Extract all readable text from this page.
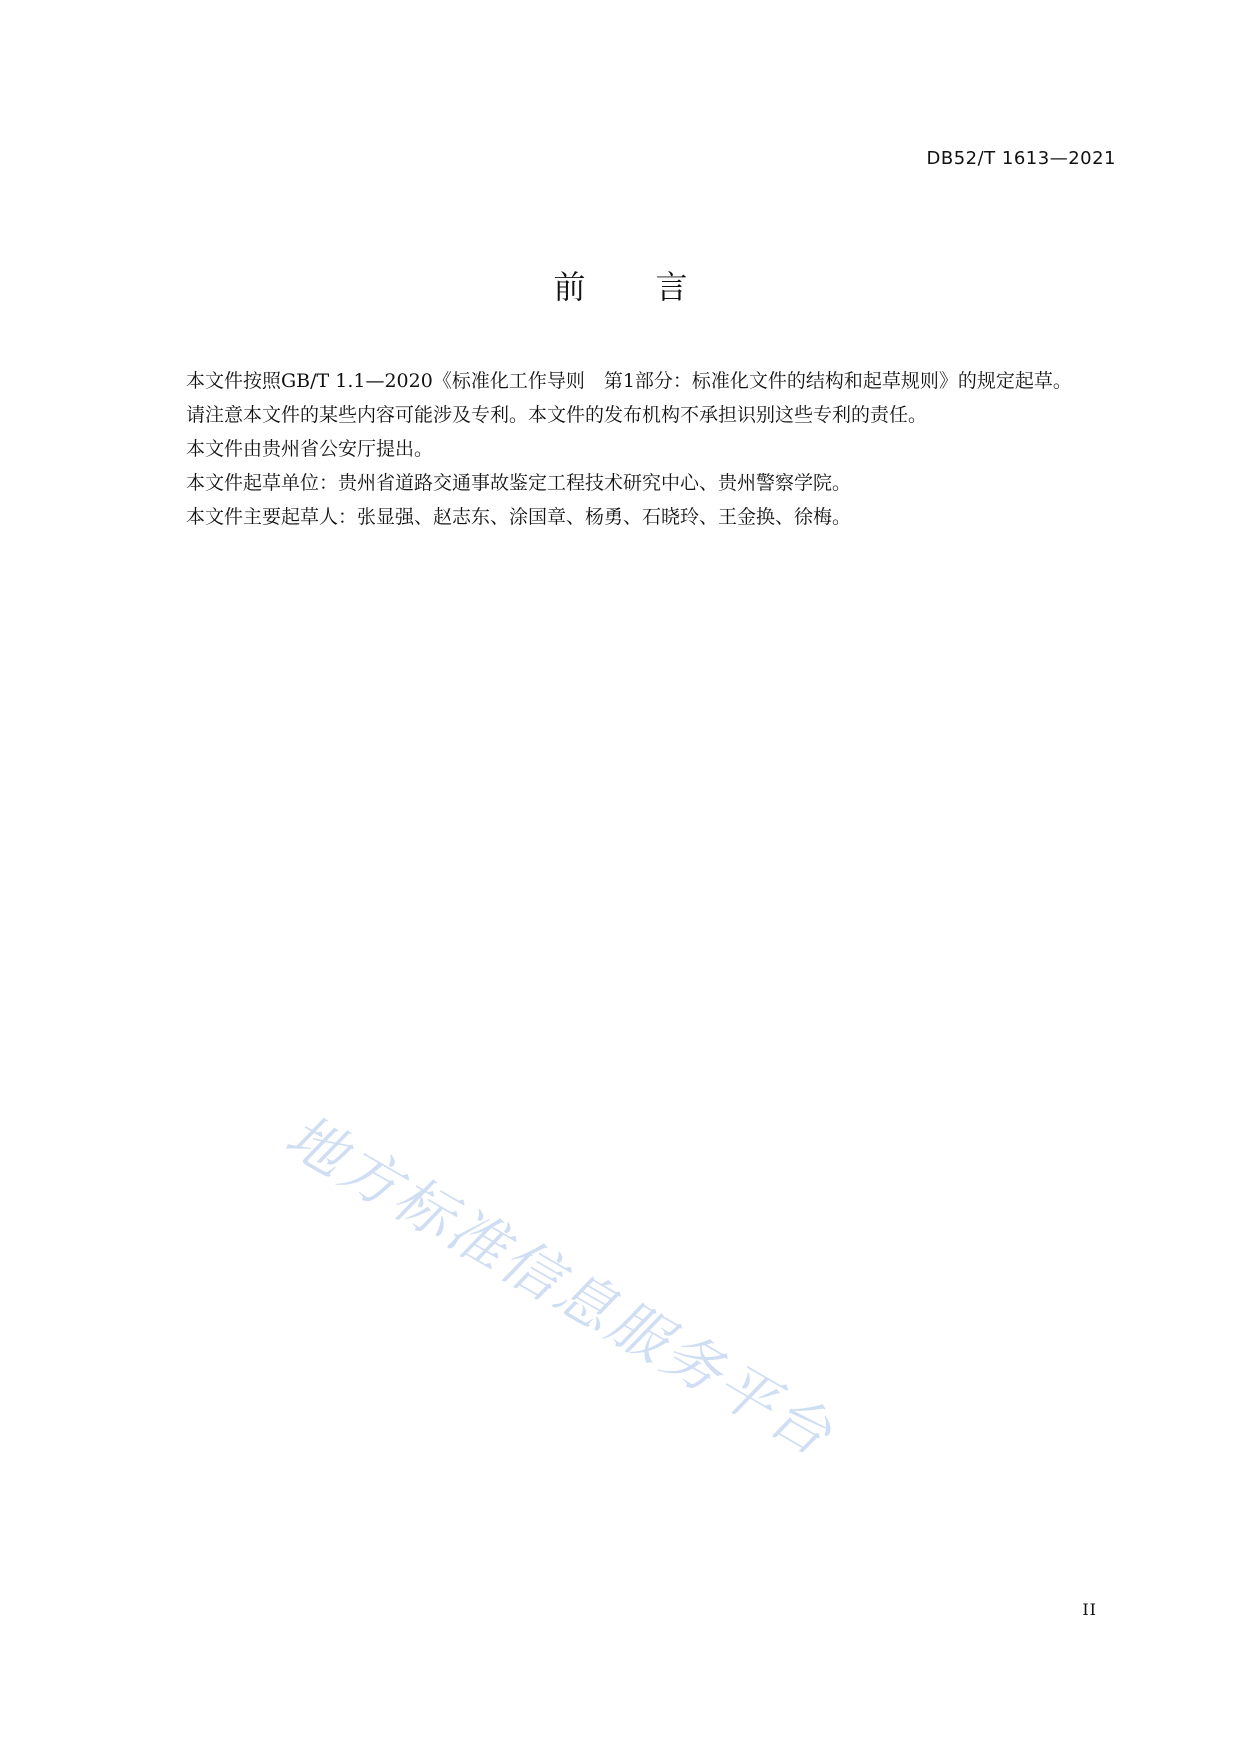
DB52/T 1613—2021
前 言

本文件按照GB/T 1.1—2020《标准化工作导则　第1部分：标准化文件的结构和起草规则》的规定起草。

请注意本文件的某些内容可能涉及专利。本文件的发布机构不承担识别这些专利的责任。

本文件由贵州省公安厅提出。

本文件起草单位：贵州省道路交通事故鉴定工程技术研究中心、贵州警察学院。

本文件主要起草人：张显强、赵志东、涂国章、杨勇、石晓玲、王金换、徐梅。

地方标准信息服务平台
II
